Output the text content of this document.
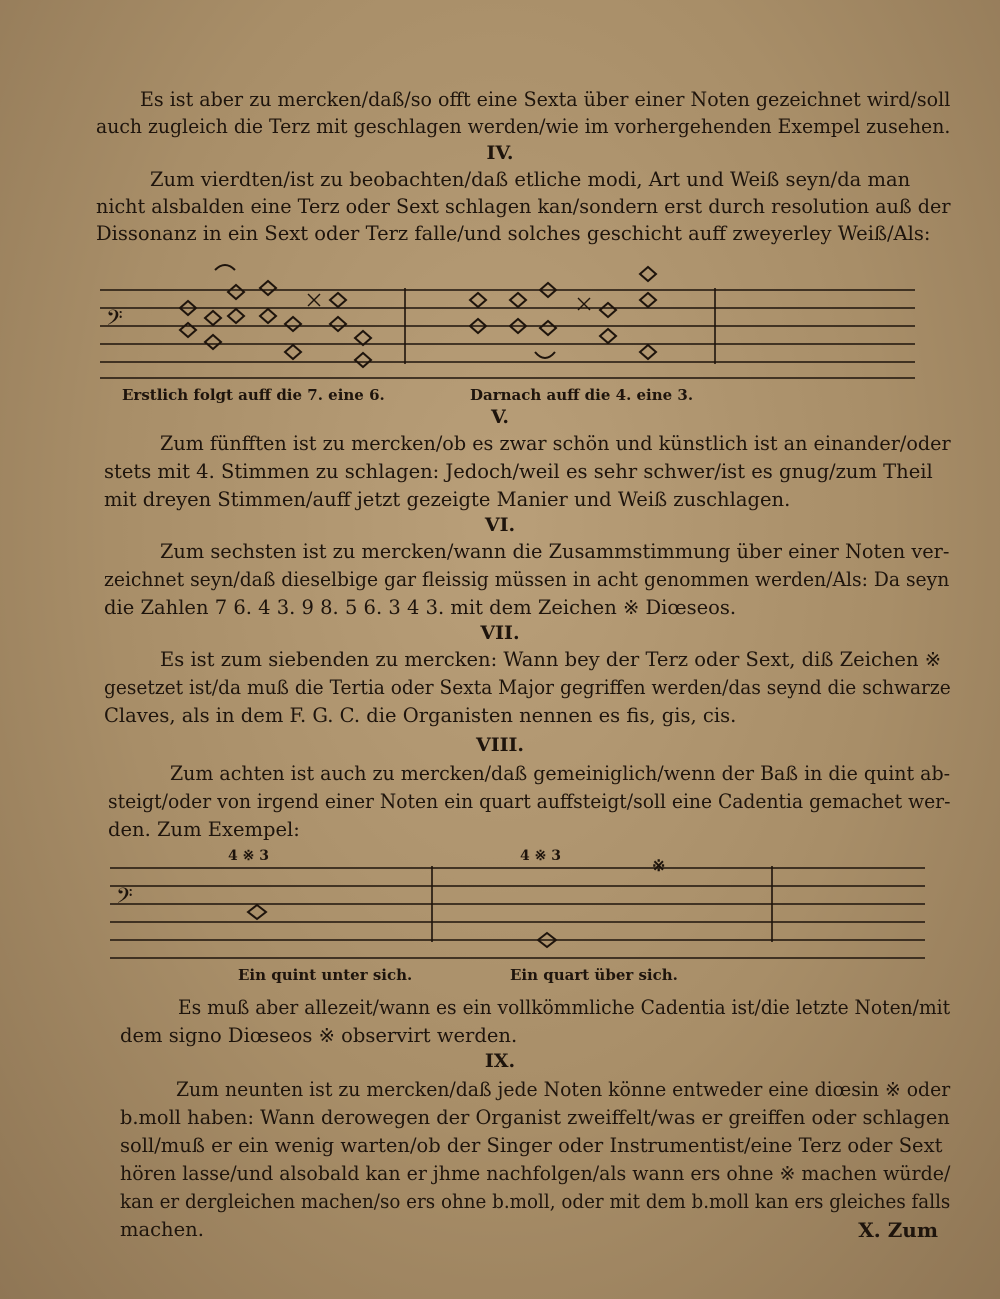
Es ist aber zu mercken/daß/so offt eine Sexta über einer Noten gezeichnet wird/soll
auch zugleich die Terz mit geschlagen werden/wie im vorhergehenden Exempel zusehen.
IV.
Zum vierdten/ist zu beobachten/daß etliche modi, Art und Weiß seyn/da man
nicht alsbalden eine Terz oder Sext schlagen kan/sondern erst durch resolution auß der
Dissonanz in ein Sext oder Terz falle/und solches geschicht auff zweyerley Weiß/Als:
𝄢
Erstlich folgt auff die 7. eine 6.	Darnach auff die 4. eine 3.
V.
Zum fünfften ist zu mercken/ob es zwar schön und künstlich ist an einander/oder
stets mit 4. Stimmen zu schlagen: Jedoch/weil es sehr schwer/ist es gnug/zum Theil
mit dreyen Stimmen/auff jetzt gezeigte Manier und Weiß zuschlagen.
VI.
Zum sechsten ist zu mercken/wann die Zusammstimmung über einer Noten ver-
zeichnet seyn/daß dieselbige gar fleissig müssen in acht genommen werden/Als: Da seyn
die Zahlen 7 6. 4 3. 9 8. 5 6. 3 4 3. mit dem Zeichen ※ Diœseos.
VII.
Es ist zum siebenden zu mercken: Wann bey der Terz oder Sext, diß Zeichen ※
gesetzet ist/da muß die Tertia oder Sexta Major gegriffen werden/das seynd die schwarze
Claves, als in dem F. G. C. die Organisten nennen es fis, gis, cis.
VIII.
Zum achten ist auch zu mercken/daß gemeiniglich/wenn der Baß in die quint ab-
steigt/oder von irgend einer Noten ein quart auffsteigt/soll eine Cadentia gemachet wer-
den. Zum Exempel:
𝄢
4 ※ 3	4 ※ 3	※
Ein quint unter sich.	Ein quart über sich.
Es muß aber allezeit/wann es ein vollkömmliche Cadentia ist/die letzte Noten/mit
dem signo Diœseos ※ observirt werden.
IX.
Zum neunten ist zu mercken/daß jede Noten könne entweder eine diœsin ※ oder
b.moll haben: Wann derowegen der Organist zweiffelt/was er greiffen oder schlagen
soll/muß er ein wenig warten/ob der Singer oder Instrumentist/eine Terz oder Sext
hören lasse/und alsobald kan er jhme nachfolgen/als wann ers ohne ※ machen würde/
kan er dergleichen machen/so ers ohne b.moll, oder mit dem b.moll kan ers gleiches falls
machen.	X. Zum
